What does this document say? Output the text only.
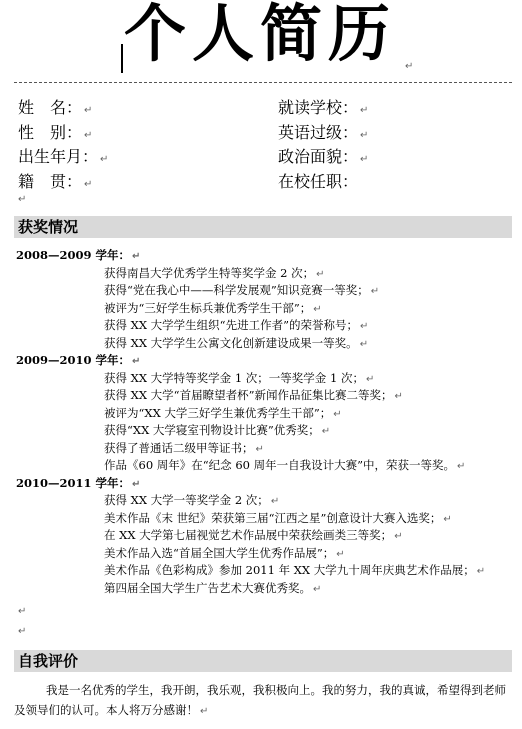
个人简历 ↵
姓　名： ↵	就读学校： ↵
性　别： ↵	英语过级： ↵
出生年月： ↵	政治面貌： ↵
籍　贯： ↵	在校任职：
↵
获奖情况
2008—2009 学年： ↵
获得南昌大学优秀学生特等奖学金 2 次； ↵
获得“党在我心中——科学发展观”知识竞赛一等奖； ↵
被评为“三好学生标兵兼优秀学生干部”； ↵
获得 XX 大学学生组织“先进工作者”的荣誉称号； ↵
获得 XX 大学学生公寓文化创新建设成果一等奖。 ↵
2009—2010 学年： ↵
获得 XX 大学特等奖学金 1 次；一等奖学金 1 次； ↵
获得 XX 大学“首届瞭望者杯”新闻作品征集比赛二等奖； ↵
被评为“XX 大学三好学生兼优秀学生干部”； ↵
获得“XX 大学寝室刊物设计比赛”优秀奖； ↵
获得了普通话二级甲等证书； ↵
作品《60 周年》在“纪念 60 周年一自我设计大赛”中，荣获一等奖。 ↵
2010—2011 学年： ↵
获得 XX 大学一等奖学金 2 次； ↵
美术作品《末 世纪》荣获第三届“江西之星”创意设计大赛入选奖； ↵
在 XX 大学第七届视觉艺术作品展中荣获绘画类三等奖； ↵
美术作品入选“首届全国大学生优秀作品展”； ↵
美术作品《色彩构成》参加 2011 年 XX 大学九十周年庆典艺术作品展； ↵
第四届全国大学生广告艺术大赛优秀奖。 ↵
↵
↵
自我评价
我是一名优秀的学生，我开朗，我乐观，我积极向上。我的努力，我的真诚，希望得到老师及领导们的认可。本人将万分感谢！ ↵
